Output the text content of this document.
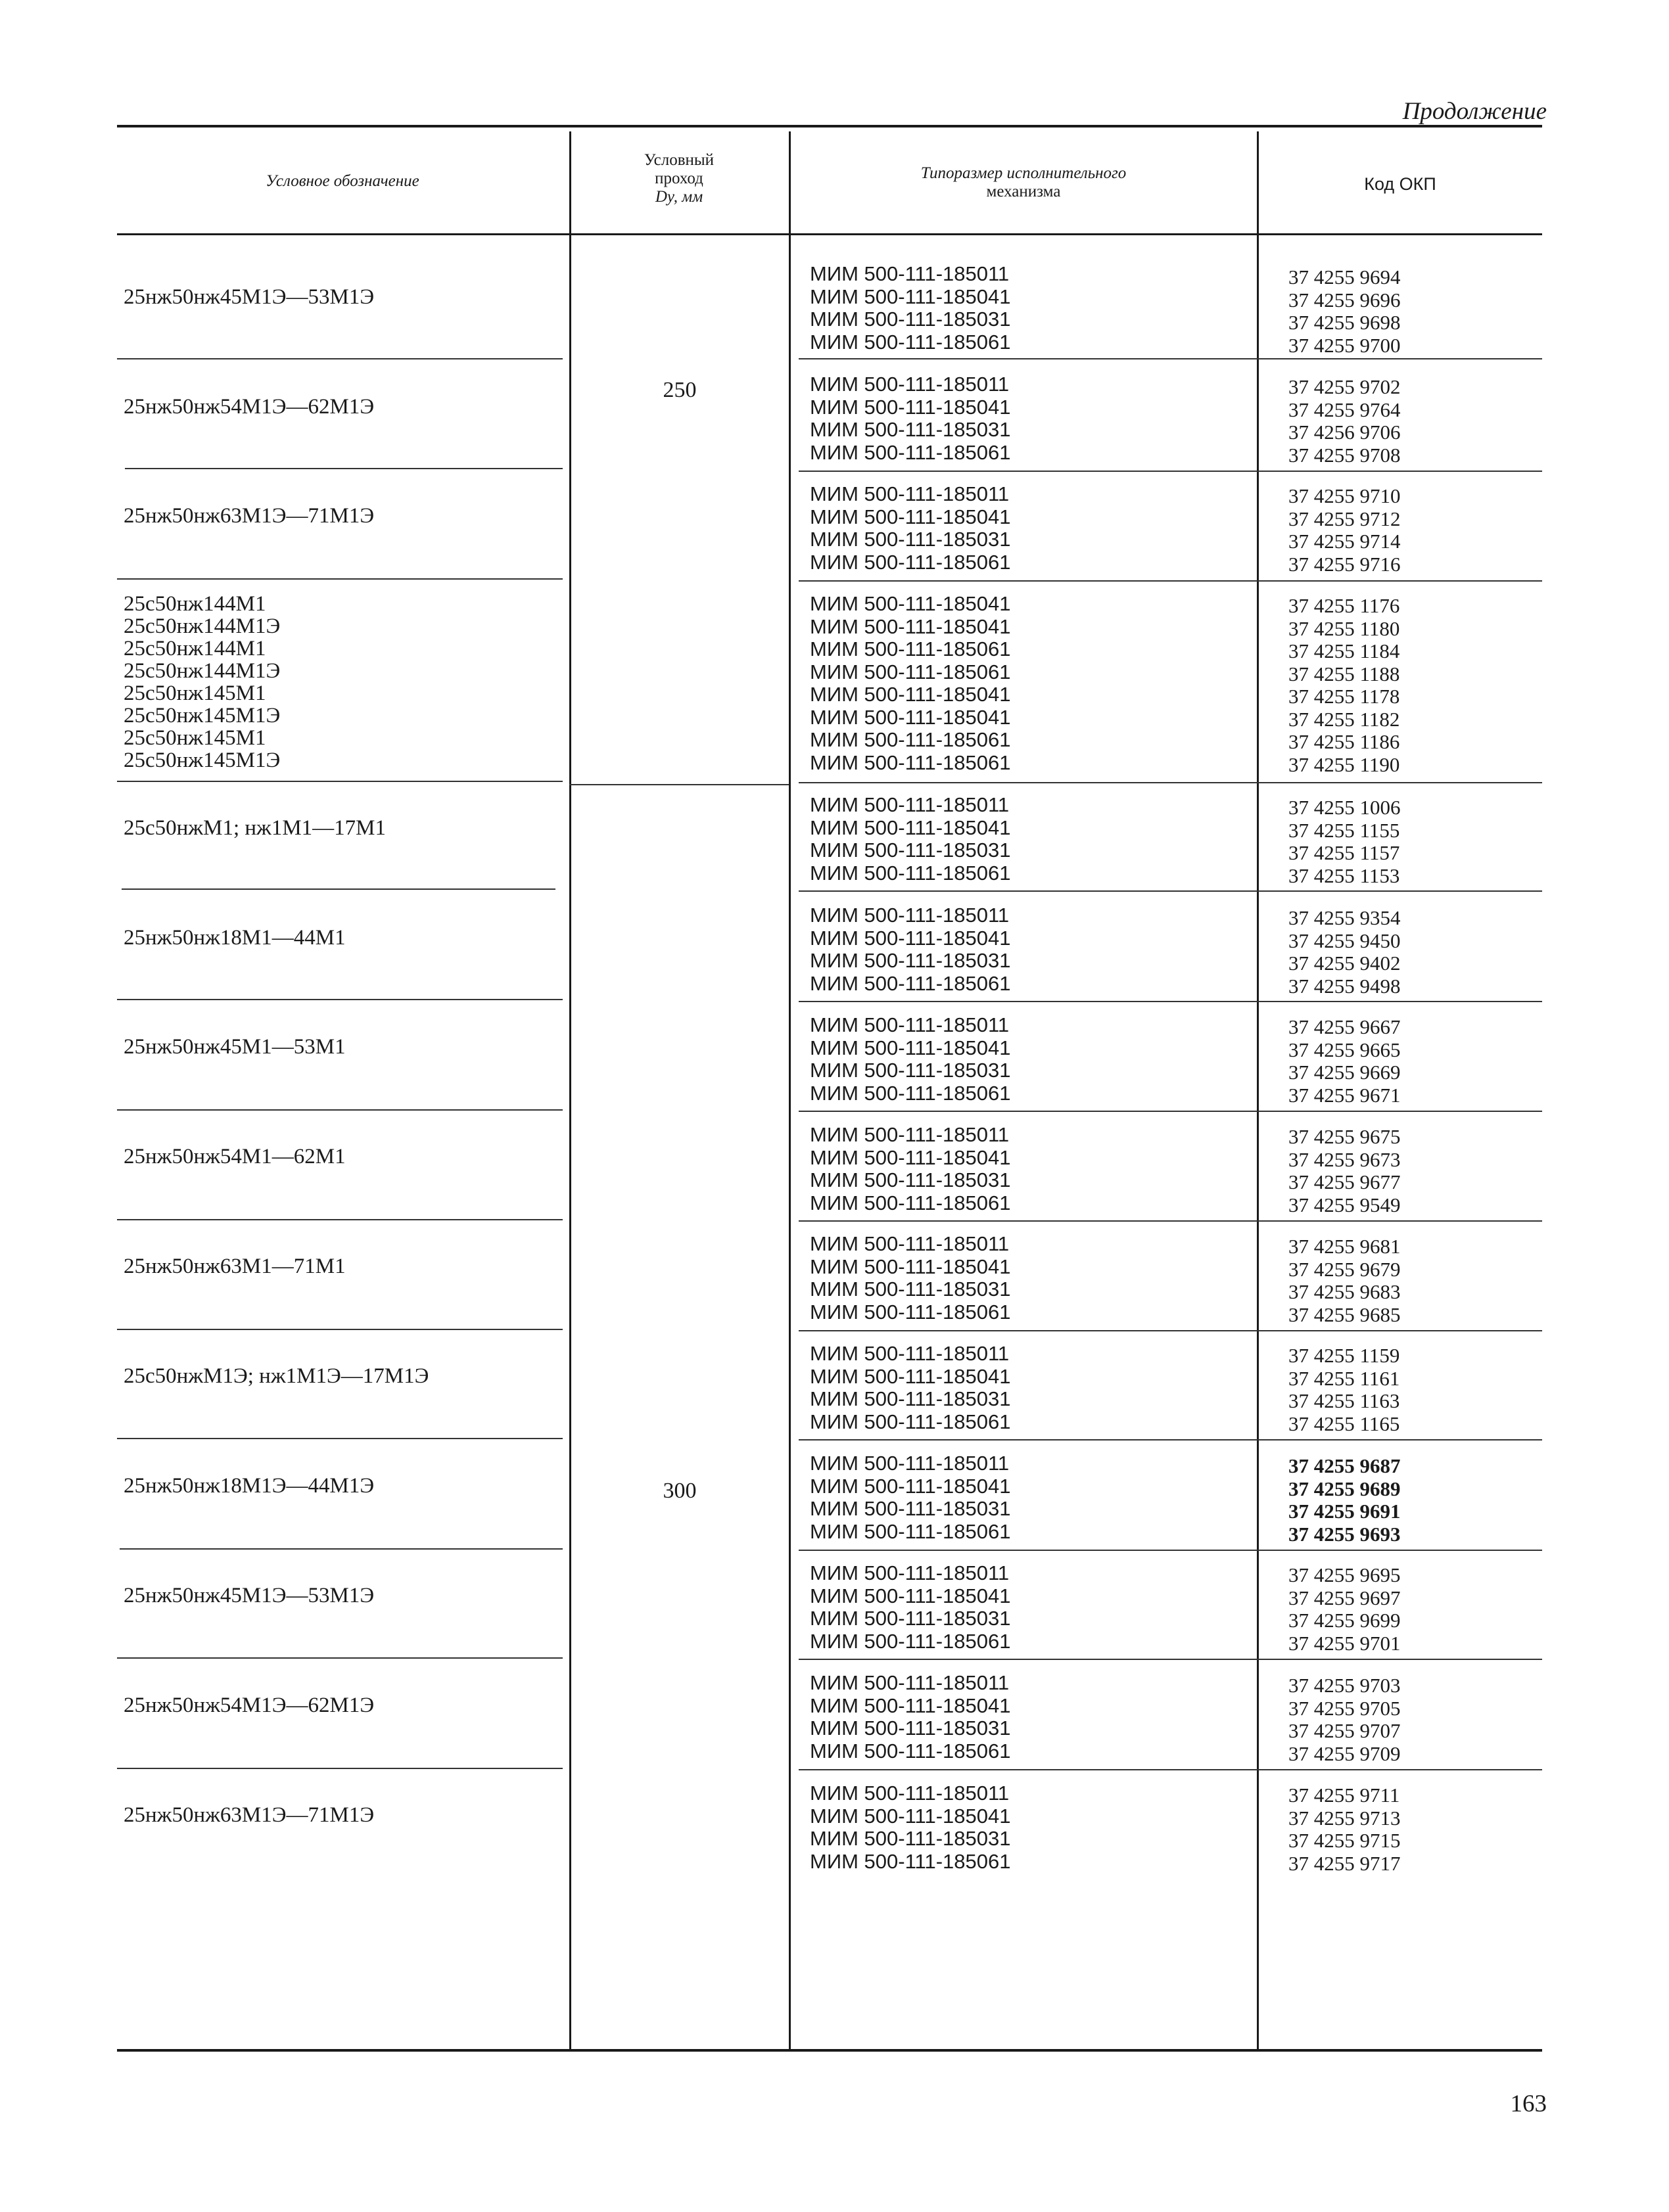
Продолжение
Условное обозначение
Условный
проход
Dу, мм
Типоразмер исполнительного
механизма	Код ОКП
250
300
25нж50нж45М1Э—53М1Э
МИМ 500-111-185011
МИМ 500-111-185041
МИМ 500-111-185031
МИМ 500-111-185061
37 4255 9694
37 4255 9696
37 4255 9698
37 4255 9700
25нж50нж54М1Э—62М1Э
МИМ 500-111-185011
МИМ 500-111-185041
МИМ 500-111-185031
МИМ 500-111-185061
37 4255 9702
37 4255 9764
37 4256 9706
37 4255 9708
25нж50нж63М1Э—71М1Э
МИМ 500-111-185011
МИМ 500-111-185041
МИМ 500-111-185031
МИМ 500-111-185061
37 4255 9710
37 4255 9712
37 4255 9714
37 4255 9716
25с50нж144М1
25с50нж144М1Э
25с50нж144М1
25с50нж144М1Э
25с50нж145М1
25с50нж145М1Э
25с50нж145М1
25с50нж145М1Э
МИМ 500-111-185041
МИМ 500-111-185041
МИМ 500-111-185061
МИМ 500-111-185061
МИМ 500-111-185041
МИМ 500-111-185041
МИМ 500-111-185061
МИМ 500-111-185061
37 4255 1176
37 4255 1180
37 4255 1184
37 4255 1188
37 4255 1178
37 4255 1182
37 4255 1186
37 4255 1190
25с50нжМ1; нж1М1—17М1
МИМ 500-111-185011
МИМ 500-111-185041
МИМ 500-111-185031
МИМ 500-111-185061
37 4255 1006
37 4255 1155
37 4255 1157
37 4255 1153
25нж50нж18М1—44М1
МИМ 500-111-185011
МИМ 500-111-185041
МИМ 500-111-185031
МИМ 500-111-185061
37 4255 9354
37 4255 9450
37 4255 9402
37 4255 9498
25нж50нж45М1—53М1
МИМ 500-111-185011
МИМ 500-111-185041
МИМ 500-111-185031
МИМ 500-111-185061
37 4255 9667
37 4255 9665
37 4255 9669
37 4255 9671
25нж50нж54М1—62М1
МИМ 500-111-185011
МИМ 500-111-185041
МИМ 500-111-185031
МИМ 500-111-185061
37 4255 9675
37 4255 9673
37 4255 9677
37 4255 9549
25нж50нж63М1—71М1
МИМ 500-111-185011
МИМ 500-111-185041
МИМ 500-111-185031
МИМ 500-111-185061
37 4255 9681
37 4255 9679
37 4255 9683
37 4255 9685
25с50нжМ1Э; нж1М1Э—17М1Э
МИМ 500-111-185011
МИМ 500-111-185041
МИМ 500-111-185031
МИМ 500-111-185061
37 4255 1159
37 4255 1161
37 4255 1163
37 4255 1165
25нж50нж18М1Э—44М1Э
МИМ 500-111-185011
МИМ 500-111-185041
МИМ 500-111-185031
МИМ 500-111-185061
37 4255 9687
37 4255 9689
37 4255 9691
37 4255 9693
25нж50нж45М1Э—53М1Э
МИМ 500-111-185011
МИМ 500-111-185041
МИМ 500-111-185031
МИМ 500-111-185061
37 4255 9695
37 4255 9697
37 4255 9699
37 4255 9701
25нж50нж54М1Э—62М1Э
МИМ 500-111-185011
МИМ 500-111-185041
МИМ 500-111-185031
МИМ 500-111-185061
37 4255 9703
37 4255 9705
37 4255 9707
37 4255 9709
25нж50нж63М1Э—71М1Э
МИМ 500-111-185011
МИМ 500-111-185041
МИМ 500-111-185031
МИМ 500-111-185061
37 4255 9711
37 4255 9713
37 4255 9715
37 4255 9717
163
